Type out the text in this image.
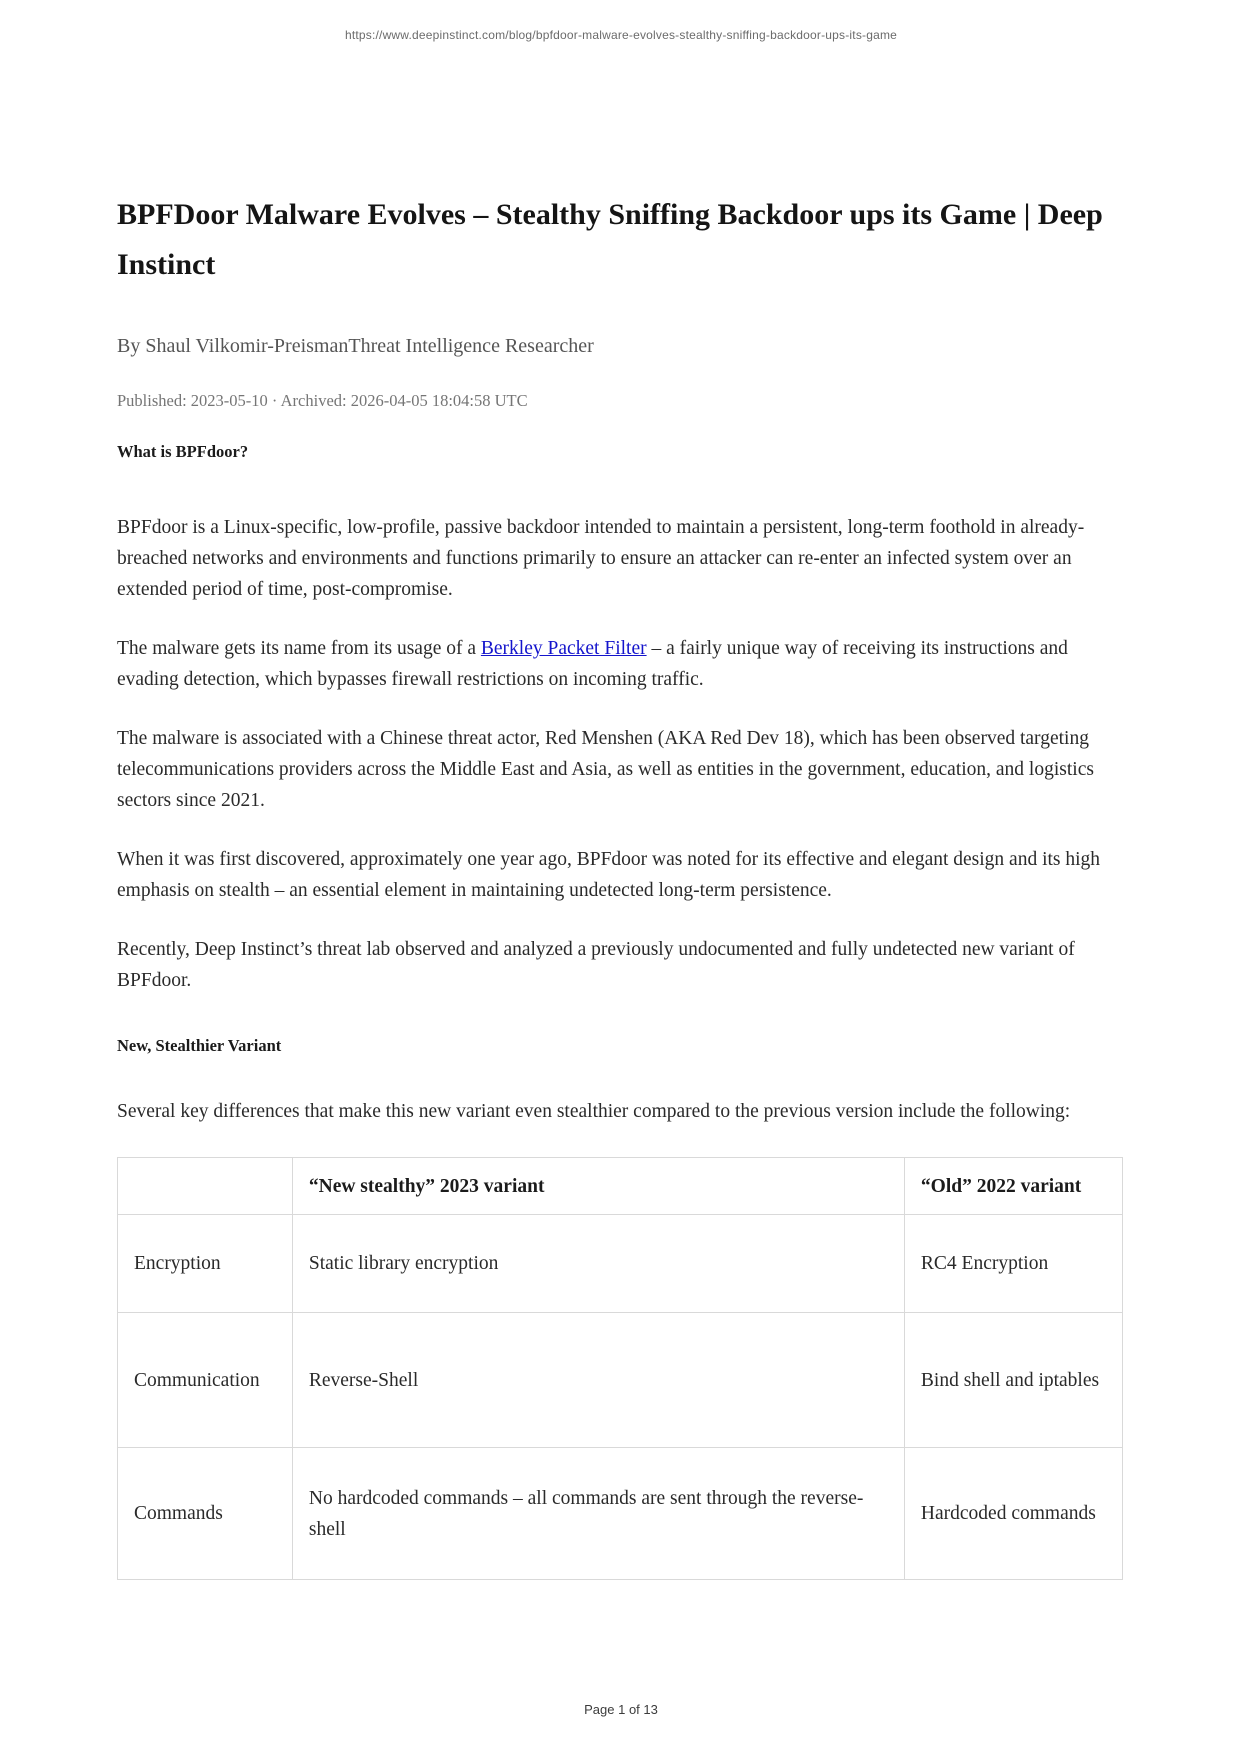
https://www.deepinstinct.com/blog/bpfdoor-malware-evolves-stealthy-sniffing-backdoor-ups-its-game
BPFDoor Malware Evolves – Stealthy Sniffing Backdoor ups its Game | Deep Instinct
By Shaul Vilkomir-PreismanThreat Intelligence Researcher
Published: 2023-05-10 · Archived: 2026-04-05 18:04:58 UTC
What is BPFdoor?

BPFdoor is a Linux-specific, low-profile, passive backdoor intended to maintain a persistent, long-term foothold in already-breached networks and environments and functions primarily to ensure an attacker can re-enter an infected system over an extended period of time, post-compromise.

The malware gets its name from its usage of a Berkley Packet Filter – a fairly unique way of receiving its instructions and evading detection, which bypasses firewall restrictions on incoming traffic.

The malware is associated with a Chinese threat actor, Red Menshen (AKA Red Dev 18), which has been observed targeting telecommunications providers across the Middle East and Asia, as well as entities in the government, education, and logistics sectors since 2021.

When it was first discovered, approximately one year ago, BPFdoor was noted for its effective and elegant design and its high emphasis on stealth – an essential element in maintaining undetected long-term persistence.

Recently, Deep Instinct’s threat lab observed and analyzed a previously undocumented and fully undetected new variant of BPFdoor.

New, Stealthier Variant

Several key differences that make this new variant even stealthier compared to the previous version include the following:

	“New stealthy” 2023 variant	“Old” 2022 variant
Encryption	Static library encryption	RC4 Encryption
Communication	Reverse-Shell	Bind shell and iptables
Commands	No hardcoded commands – all commands are sent through the reverse-shell	Hardcoded commands
Page 1 of 13
